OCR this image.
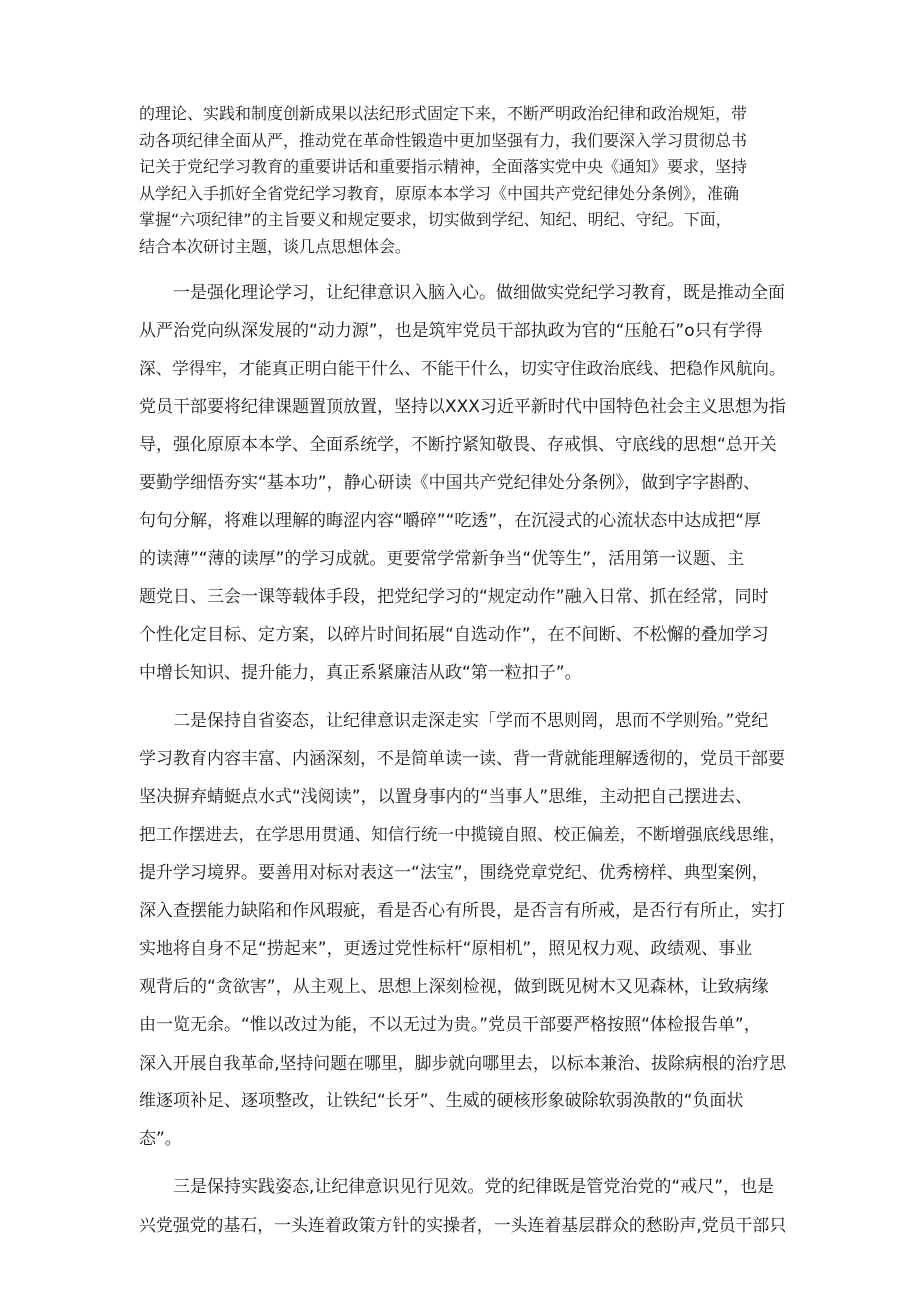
的理论、实践和制度创新成果以法纪形式固定下来，不断严明政治纪律和政治规矩，带
动各项纪律全面从严，推动党在革命性锻造中更加坚强有力，我们要深入学习贯彻总书
记关于党纪学习教育的重要讲话和重要指示精神，全面落实党中央《通知》要求，坚持
从学纪入手抓好全省党纪学习教育，原原本本学习《中国共产党纪律处分条例》，准确
掌握“六项纪律”的主旨要义和规定要求，切实做到学纪、知纪、明纪、守纪。下面，
结合本次研讨主题，谈几点思想体会。
一是强化理论学习，让纪律意识入脑入心。做细做实党纪学习教育，既是推动全面
从严治党向纵深发展的“动力源”，也是筑牢党员干部执政为官的“压舱石”o只有学得
深、学得牢，才能真正明白能干什么、不能干什么，切实守住政治底线、把稳作风航向。
党员干部要将纪律课题置顶放置，坚持以XXX习近平新时代中国特色社会主义思想为指
导，强化原原本本学、全面系统学，不断拧紧知敬畏、存戒惧、守底线的思想“总开关
要勤学细悟夯实“基本功”，静心研读《中国共产党纪律处分条例》，做到字字斟酌、
句句分解，将难以理解的晦涩内容“嚼碎”“吃透”，在沉浸式的心流状态中达成把“厚
的读薄”“薄的读厚”的学习成就。更要常学常新争当“优等生”，活用第一议题、主
题党日、三会一课等载体手段，把党纪学习的“规定动作”融入日常、抓在经常，同时
个性化定目标、定方案，以碎片时间拓展“自选动作”，在不间断、不松懈的叠加学习
中增长知识、提升能力，真正系紧廉洁从政“第一粒扣子”。
二是保持自省姿态，让纪律意识走深走实「学而不思则罔，思而不学则殆。”党纪
学习教育内容丰富、内涵深刻，不是简单读一读、背一背就能理解透彻的，党员干部要
坚决摒弃蜻蜓点水式“浅阅读”，以置身事内的“当事人”思维，主动把自己摆进去、
把工作摆进去，在学思用贯通、知信行统一中揽镜自照、校正偏差，不断增强底线思维，
提升学习境界。要善用对标对表这一“法宝”，围绕党章党纪、优秀榜样、典型案例，
深入查摆能力缺陷和作风瑕疵，看是否心有所畏，是否言有所戒，是否行有所止，实打
实地将自身不足“捞起来”，更透过党性标杆“原相机”，照见权力观、政绩观、事业
观背后的“贪欲害”，从主观上、思想上深刻检视，做到既见树木又见森林，让致病缘
由一览无余。“惟以改过为能，不以无过为贵。”党员干部要严格按照“体检报告单”，
深入开展自我革命,坚持问题在哪里，脚步就向哪里去，以标本兼治、拔除病根的治疗思
维逐项补足、逐项整改，让铁纪“长牙”、生威的硬核形象破除软弱涣散的“负面状
态”。
三是保持实践姿态,让纪律意识见行见效。党的纪律既是管党治党的“戒尺”，也是
兴党强党的基石，一头连着政策方针的实操者，一头连着基层群众的愁盼声,党员干部只
